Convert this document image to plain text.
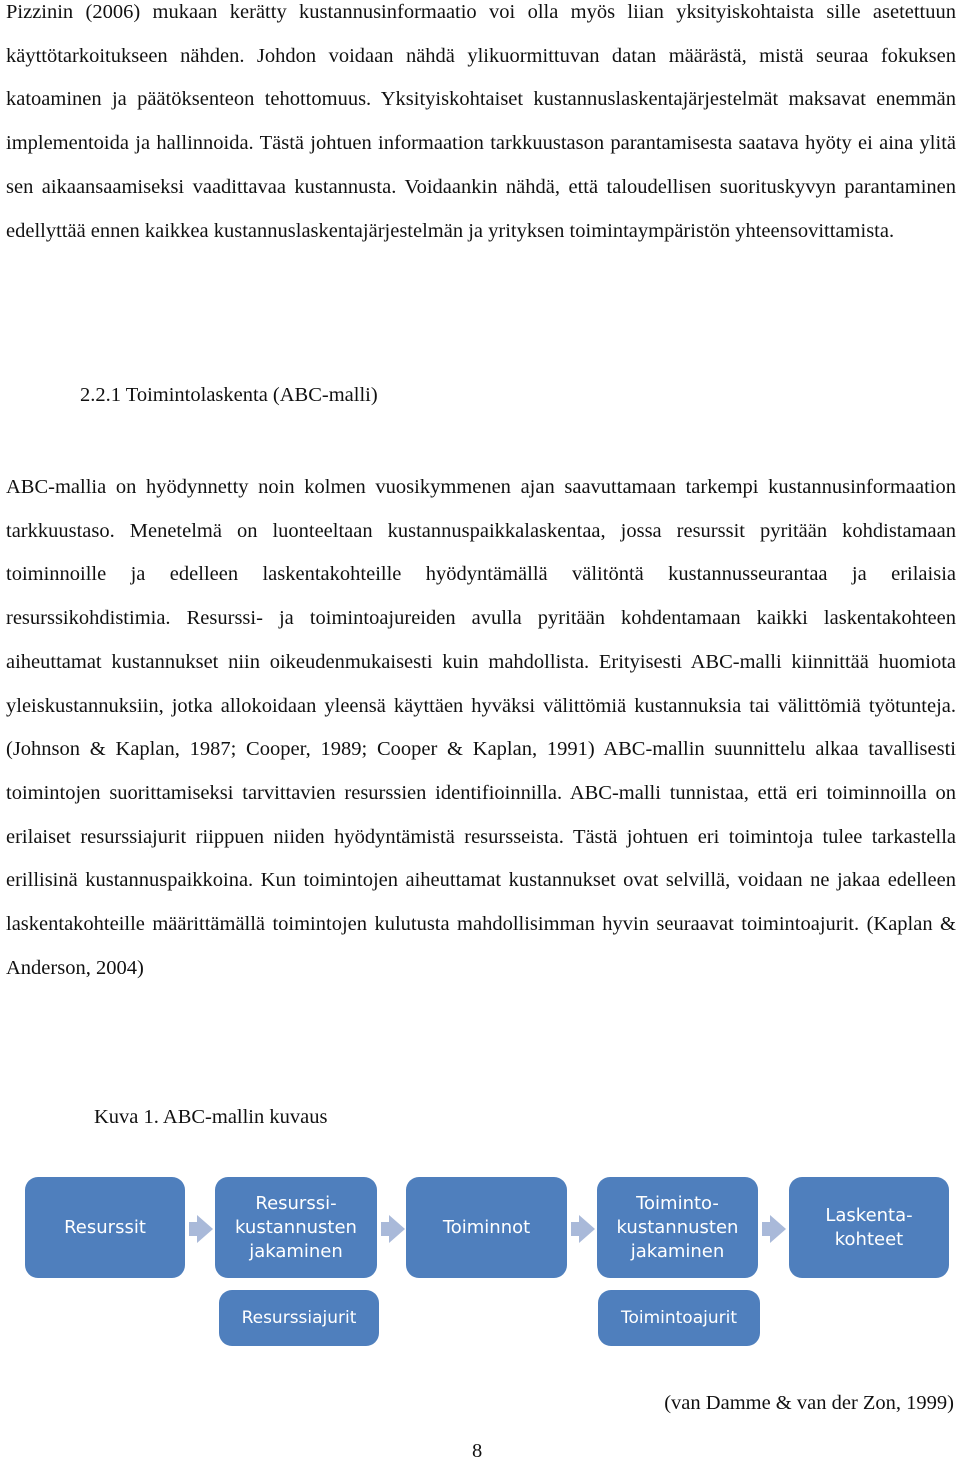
Pizzinin (2006) mukaan kerätty kustannusinformaatio voi olla myös liian yksityiskohtaista sille asetettuun käyttötarkoitukseen nähden. Johdon voidaan nähdä ylikuormittuvan datan määrästä, mistä seuraa fokuksen katoaminen ja päätöksenteon tehottomuus. Yksityiskohtaiset kustannuslaskentajärjestelmät maksavat enemmän implementoida ja hallinnoida. Tästä johtuen informaation tarkkuustason parantamisesta saatava hyöty ei aina ylitä sen aikaansaamiseksi vaadittavaa kustannusta. Voidaankin nähdä, että taloudellisen suorituskyvyn parantaminen edellyttää ennen kaikkea kustannuslaskentajärjestelmän ja yrityksen toimintaympäristön yhteensovittamista.

2.2.1 Toimintolaskenta (ABC-malli)

ABC-mallia on hyödynnetty noin kolmen vuosikymmenen ajan saavuttamaan tarkempi kustannusinformaation tarkkuustaso. Menetelmä on luonteeltaan kustannuspaikkalaskentaa, jossa resurssit pyritään kohdistamaan toiminnoille ja edelleen laskentakohteille hyödyntämällä välitöntä kustannusseurantaa ja erilaisia resurssikohdistimia. Resurssi- ja toimintoajureiden avulla pyritään kohdentamaan kaikki laskentakohteen aiheuttamat kustannukset niin oikeudenmukaisesti kuin mahdollista. Erityisesti ABC-malli kiinnittää huomiota yleiskustannuksiin, jotka allokoidaan yleensä käyttäen hyväksi välittömiä kustannuksia tai välittömiä työtunteja. (Johnson & Kaplan, 1987; Cooper, 1989; Cooper & Kaplan, 1991) ABC-mallin suunnittelu alkaa tavallisesti toimintojen suorittamiseksi tarvittavien resurssien identifioinnilla. ABC-malli tunnistaa, että eri toiminnoilla on erilaiset resurssiajurit riippuen niiden hyödyntämistä resursseista. Tästä johtuen eri toimintoja tulee tarkastella erillisinä kustannuspaikkoina. Kun toimintojen aiheuttamat kustannukset ovat selvillä, voidaan ne jakaa edelleen laskentakohteille määrittämällä toimintojen kulutusta mahdollisimman hyvin seuraavat toimintoajurit. (Kaplan & Anderson, 2004)

Kuva 1. ABC-mallin kuvaus
Resurssit
Resurssi-
kustannusten
jakaminen
Toiminnot
Toiminto-
kustannusten
jakaminen
Laskenta-
kohteet
Resurssiajurit	Toimintoajurit
(van Damme & van der Zon, 1999)
8
